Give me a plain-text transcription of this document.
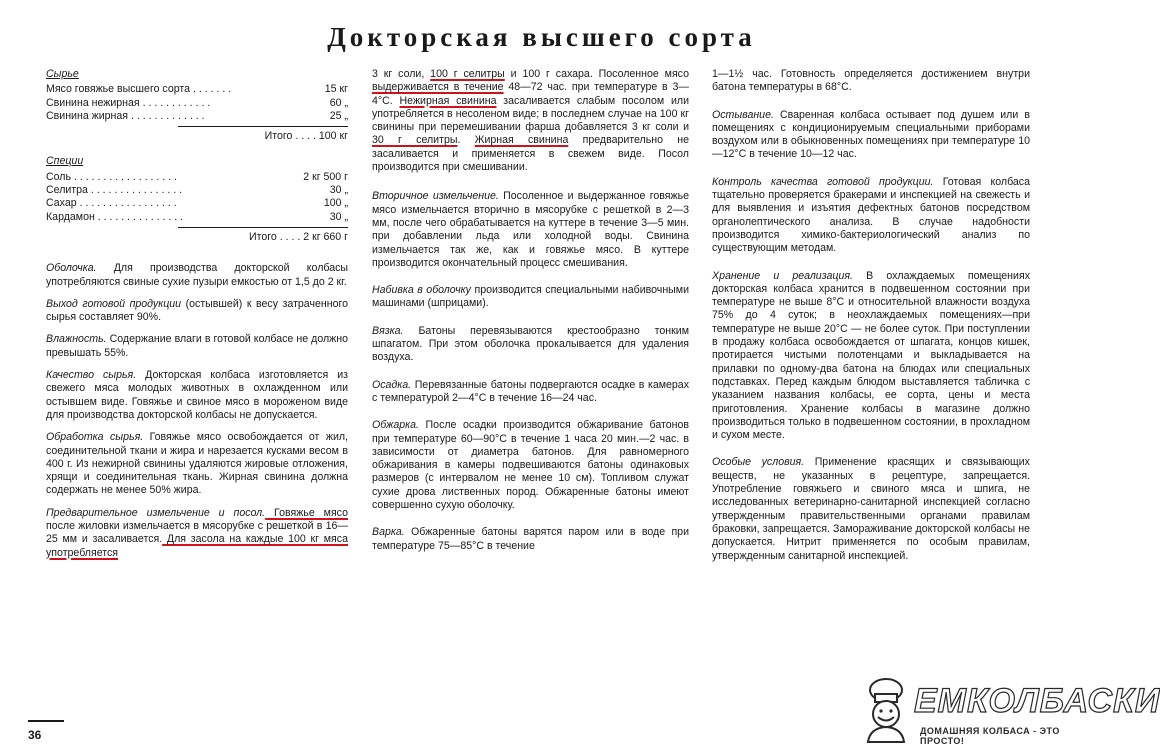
Докторская высшего сорта
Сырье
Мясо говяжье высшего сорта . . . . . . .	15 кг
Свинина нежирная . . . . . . . . . . . .	60 „
Свинина жирная . . . . . . . . . . . . .	25 „
Итого . . . . 100 кг
Специи
Соль . . . . . . . . . . . . . . . . . .	2 кг 500 г
Селитра . . . . . . . . . . . . . . . .	30 „
Сахар . . . . . . . . . . . . . . . . .	100 „
Кардамон . . . . . . . . . . . . . . .	30 „
Итого . . . . 2 кг 660 г

Оболочка. Для производства докторской колбасы употребляются свиные сухие пузыри емкостью от 1,5 до 2 кг.

Выход готовой продукции (остывшей) к весу затраченного сырья составляет 90%.

Влажность. Содержание влаги в готовой колбасе не должно превышать 55%.

Качество сырья. Докторская колбаса изготовляется из свежего мяса молодых животных в охлажденном или остывшем виде. Говяжье и свиное мясо в мороженом виде для производства докторской колбасы не допускается.

Обработка сырья. Говяжье мясо освобождается от жил, соединительной ткани и жира и нарезается кусками весом в 400 г. Из нежирной свинины удаляются жировые отложения, хрящи и соединительная ткань. Жирная свинина должна содержать не менее 50% жира.

Предварительное измельчение и посол. Говяжье мясо после жиловки измельчается в мясорубке с решеткой в 16—25 мм и засаливается. Для засола на каждые 100 кг мяса употребляется

3 кг соли, 100 г селитры и 100 г сахара. Посоленное мясо выдерживается в течение 48—72 час. при температуре в 3—4°С. Нежирная свинина засаливается слабым посолом или употребляется в несоленом виде; в последнем случае на 100 кг свинины при перемешивании фарша добавляется 3 кг соли и 30 г селитры. Жирная свинина предварительно не засаливается и применяется в свежем виде. Посол производится при смешивании.

Вторичное измельчение. Посоленное и выдержанное говяжье мясо измельчается вторично в мясорубке с решеткой в 2—3 мм, после чего обрабатывается на куттере в течение 3—5 мин. при добавлении льда или холодной воды. Свинина измельчается так же, как и говяжье мясо. В куттере производится окончательный процесс смешивания.

Набивка в оболочку производится специальными набивочными машинами (шприцами).

Вязка. Батоны перевязываются крестообразно тонким шпагатом. При этом оболочка прокалывается для удаления воздуха.

Осадка. Перевязанные батоны подвергаются осадке в камерах с температурой 2—4°С в течение 16—24 час.

Обжарка. После осадки производится обжаривание батонов при температуре 60—90°С в течение 1 часа 20 мин.—2 час. в зависимости от диаметра батонов. Для равномерного обжаривания в камеры подвешиваются батоны одинаковых размеров (с интервалом не менее 10 см). Топливом служат сухие дрова лиственных пород. Обжаренные батоны имеют совершенно сухую оболочку.

Варка. Обжаренные батоны варятся паром или в воде при температуре 75—85°С в течение

1—1½ час. Готовность определяется достижением внутри батона температуры в 68°С.

Остывание. Сваренная колбаса остывает под душем или в помещениях с кондиционируемым специальными приборами воздухом или в обыкновенных помещениях при температуре 10—12°С в течение 10—12 час.

Контроль качества готовой продукции. Готовая колбаса тщательно проверяется бракерами и инспекцией на свежесть и для выявления и изъятия дефектных батонов посредством органолептического анализа. В случае надобности производится химико-бактериологический анализ по существующим методам.

Хранение и реализация. В охлаждаемых помещениях докторская колбаса хранится в подвешенном состоянии при температуре не выше 8°С и относительной влажности воздуха 75% до 4 суток; в неохлаждаемых помещениях—при температуре не выше 20°С — не более суток. При поступлении в продажу колбаса освобождается от шпагата, концов кишек, протирается чистыми полотенцами и выкладывается на прилавки по одному-два батона на блюдах или специальных подставках. Перед каждым блюдом выставляется табличка с указанием названия колбасы, ее сорта, цены и места приготовления. Хранение колбасы в магазине должно производиться только в подвешенном состоянии, в прохладном и сухом месте.

Особые условия. Применение красящих и связывающих веществ, не указанных в рецептуре, запрещается. Употребление говяжьего и свиного мяса и шпига, не исследованных ветеринарно-санитарной инспекцией согласно утвержденным правительственными органами правилам браковки, запрещается. Замораживание докторской колбасы не допускается. Нитрит применяется по особым правилам, утвержденным санитарной инспекцией.

36
ЕМКОЛБАСКИ
ДОМАШНЯЯ КОЛБАСА - ЭТО ПРОСТО!
